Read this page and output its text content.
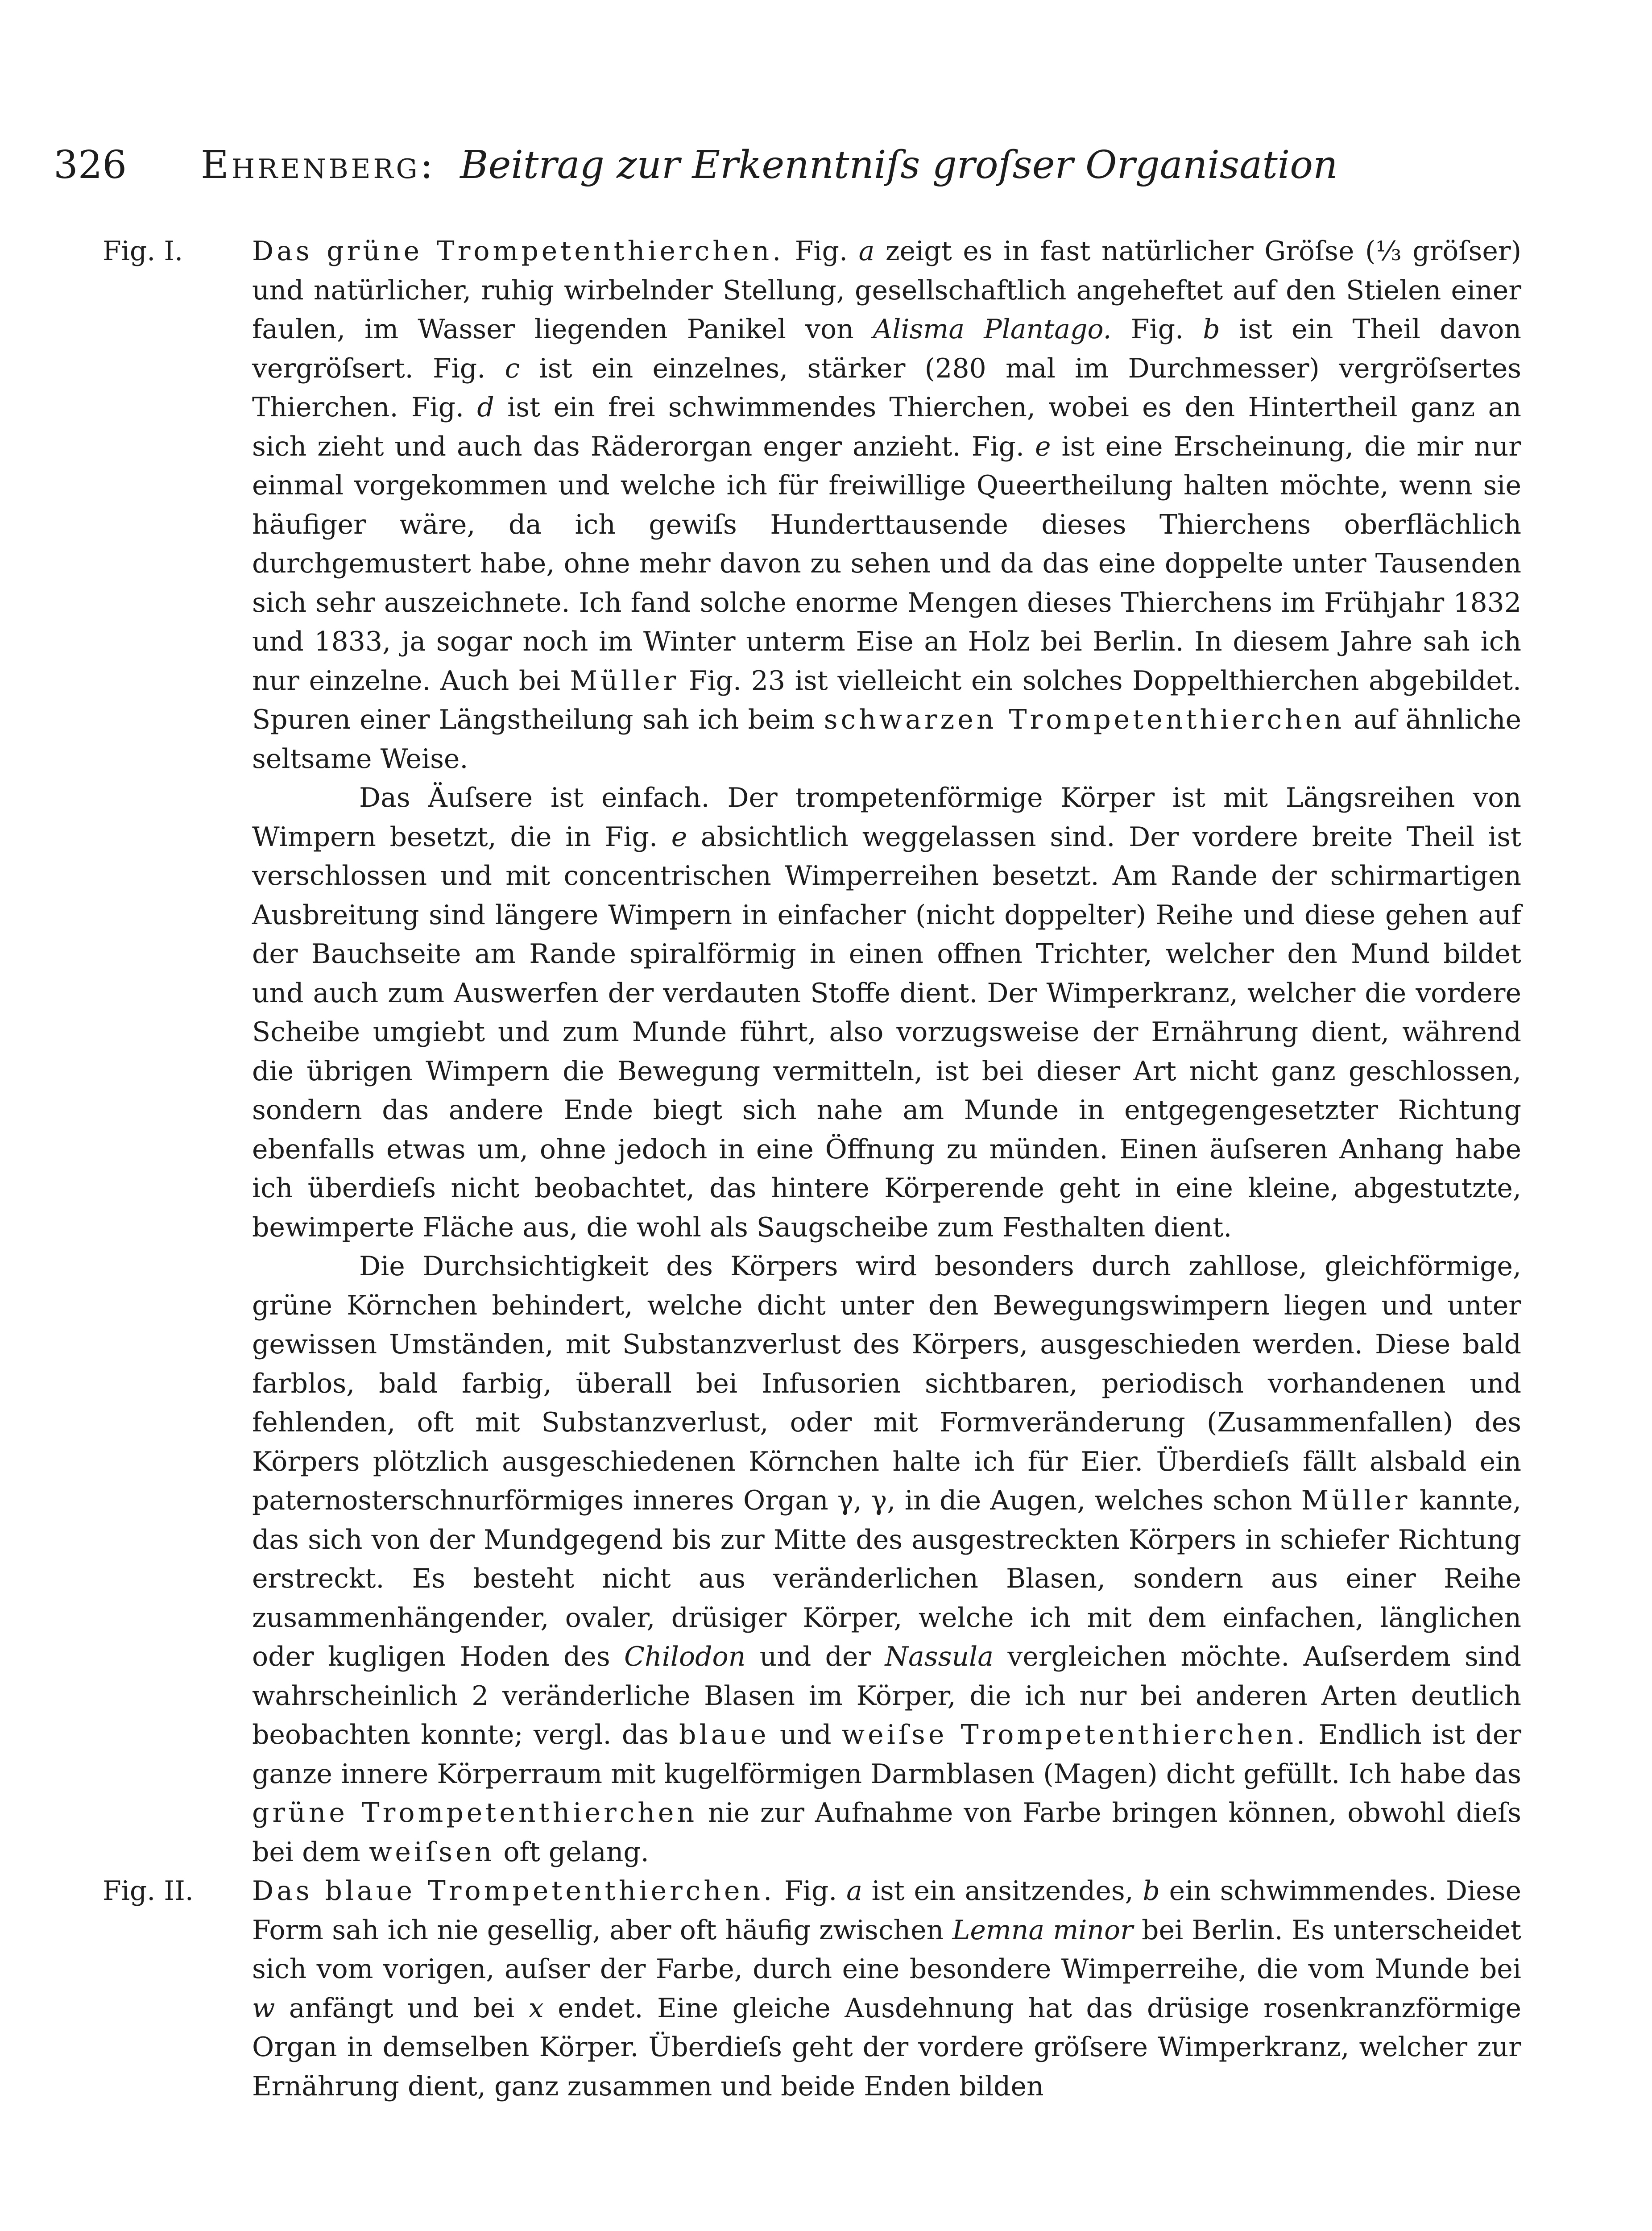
326 Ehrenberg: Beitrag zur Erkenntniſs groſser Organisation
Fig. I.	Das grüne Trompetenthierchen. Fig. a zeigt es in fast natürlicher Gröſse (⅓ gröſser) und natürlicher, ruhig wirbelnder Stellung, gesellschaftlich angeheftet auf den Stielen einer faulen, im Wasser liegenden Panikel von Alisma Plantago. Fig. b ist ein Theil davon vergröſsert. Fig. c ist ein einzelnes, stärker (280 mal im Durchmesser) vergröſsertes Thierchen. Fig. d ist ein frei schwimmendes Thierchen, wobei es den Hintertheil ganz an sich zieht und auch das Räderorgan enger anzieht. Fig. e ist eine Erscheinung, die mir nur einmal vorgekommen und welche ich für freiwillige Queertheilung halten möchte, wenn sie häufiger wäre, da ich gewiſs Hunderttausende dieses Thierchens oberflächlich durchgemustert habe, ohne mehr davon zu sehen und da das eine doppelte unter Tausenden sich sehr auszeichnete. Ich fand solche enorme Mengen dieses Thierchens im Frühjahr 1832 und 1833, ja sogar noch im Winter unterm Eise an Holz bei Berlin. In diesem Jahre sah ich nur einzelne. Auch bei Müller Fig. 23 ist vielleicht ein solches Doppelthierchen abgebildet. Spuren einer Längstheilung sah ich beim schwarzen Trompetenthierchen auf ähnliche seltsame Weise.

Das Äuſsere ist einfach. Der trompetenförmige Körper ist mit Längsreihen von Wimpern besetzt, die in Fig. e absichtlich weggelassen sind. Der vordere breite Theil ist verschlossen und mit concentrischen Wimperreihen besetzt. Am Rande der schirmartigen Ausbreitung sind längere Wimpern in einfacher (nicht doppelter) Reihe und diese gehen auf der Bauchseite am Rande spiralförmig in einen offnen Trichter, welcher den Mund bildet und auch zum Auswerfen der verdauten Stoffe dient. Der Wimperkranz, welcher die vordere Scheibe umgiebt und zum Munde führt, also vorzugsweise der Ernährung dient, während die übrigen Wimpern die Bewegung vermitteln, ist bei dieser Art nicht ganz geschlossen, sondern das andere Ende biegt sich nahe am Munde in entgegengesetzter Richtung ebenfalls etwas um, ohne jedoch in eine Öffnung zu münden. Einen äuſseren Anhang habe ich überdieſs nicht beobachtet, das hintere Körperende geht in eine kleine, abgestutzte, bewimperte Fläche aus, die wohl als Saugscheibe zum Festhalten dient.

Die Durchsichtigkeit des Körpers wird besonders durch zahllose, gleichförmige, grüne Körnchen behindert, welche dicht unter den Bewegungswimpern liegen und unter gewissen Umständen, mit Substanzverlust des Körpers, ausgeschieden werden. Diese bald farblos, bald farbig, überall bei Infusorien sichtbaren, periodisch vorhandenen und fehlenden, oft mit Substanzverlust, oder mit Formveränderung (Zusammenfallen) des Körpers plötzlich ausgeschiedenen Körnchen halte ich für Eier. Überdieſs fällt alsbald ein paternosterschnurförmiges inneres Organ γ, γ, in die Augen, welches schon Müller kannte, das sich von der Mundgegend bis zur Mitte des ausgestreckten Körpers in schiefer Richtung erstreckt. Es besteht nicht aus veränderlichen Blasen, sondern aus einer Reihe zusammenhängender, ovaler, drüsiger Körper, welche ich mit dem einfachen, länglichen oder kugligen Hoden des Chilodon und der Nassula vergleichen möchte. Auſserdem sind wahrscheinlich 2 veränderliche Blasen im Körper, die ich nur bei anderen Arten deutlich beobachten konnte; vergl. das blaue und weiſse Trompetenthierchen. Endlich ist der ganze innere Körperraum mit kugelförmigen Darmblasen (Magen) dicht gefüllt. Ich habe das grüne Trompetenthierchen nie zur Aufnahme von Farbe bringen können, obwohl dieſs bei dem weiſsen oft gelang.

Fig. II. Das blaue Trompetenthierchen. Fig. a ist ein ansitzendes, b ein schwimmendes. Diese Form sah ich nie gesellig, aber oft häufig zwischen Lemna minor bei Berlin. Es unterscheidet sich vom vorigen, auſser der Farbe, durch eine besondere Wimperreihe, die vom Munde bei w anfängt und bei x endet. Eine gleiche Ausdehnung hat das drüsige rosenkranzförmige Organ in demselben Körper. Überdieſs geht der vordere gröſsere Wimperkranz, welcher zur Ernährung dient, ganz zusammen und beide Enden bilden
